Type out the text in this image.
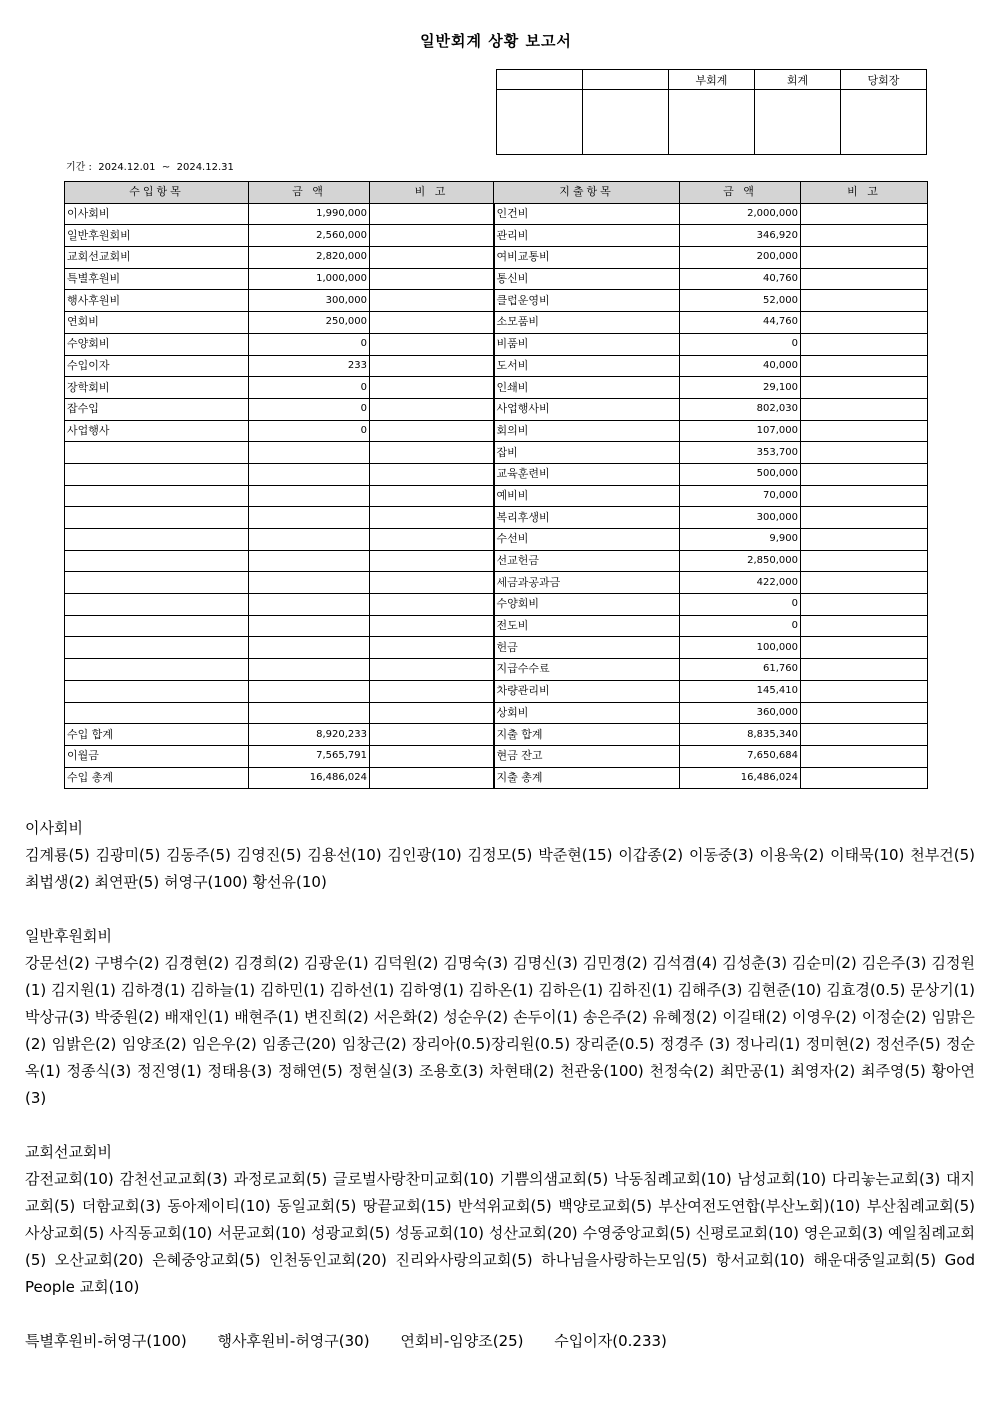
일반회계 상황 보고서
		부회계	회계	당회장

기간 :  2024.12.01 ~ 2024.12.31
수입항목	금 액	비 고	지출항목	금 액	비 고
이사회비	1,990,000		인건비	2,000,000	
일반후원회비	2,560,000		관리비	346,920	
교회선교회비	2,820,000		여비교통비	200,000	
특별후원비	1,000,000		통신비	40,760	
행사후원비	300,000		클럽운영비	52,000	
연회비	250,000		소모품비	44,760	
수양회비	0		비품비	0	
수입이자	233		도서비	40,000	
장학회비	0		인쇄비	29,100	
잡수입	0		사업행사비	802,030	
사업행사	0		회의비	107,000	
			잡비	353,700	
			교육훈련비	500,000	
			예비비	70,000	
			복리후생비	300,000	
			수선비	9,900	
			선교헌금	2,850,000	
			세금과공과금	422,000	
			수양회비	0	
			전도비	0	
			헌금	100,000	
			지급수수료	61,760	
			차량관리비	145,410	
			상회비	360,000	
수입 합계	8,920,233		지출 합계	8,835,340	
이월금	7,565,791		현금 잔고	7,650,684	
수입 총계	16,486,024		지출 총계	16,486,024	
이사회비
김계룡(5) 김광미(5) 김동주(5) 김영진(5) 김용선(10) 김인광(10) 김정모(5) 박준현(15) 이갑종(2) 이동중(3) 이용욱(2) 이태묵(10) 천부건(5) 최법생(2) 최연판(5) 허영구(100) 황선유(10)
일반후원회비
강문선(2) 구병수(2) 김경현(2) 김경희(2) 김광운(1) 김덕원(2) 김명숙(3) 김명신(3) 김민경(2) 김석겸(4) 김성춘(3) 김순미(2) 김은주(3) 김정원(1) 김지원(1) 김하경(1) 김하늘(1) 김하민(1) 김하선(1) 김하영(1) 김하온(1) 김하은(1) 김하진(1) 김해주(3) 김현준(10) 김효경(0.5) 문상기(1) 박상규(3) 박중원(2) 배재인(1) 배현주(1) 변진희(2) 서은화(2) 성순우(2) 손두이(1) 송은주(2) 유혜정(2) 이길태(2) 이영우(2) 이정순(2) 임맑은(2) 임밝은(2) 임양조(2) 임은우(2) 임종근(20) 임창근(2) 장리아(0.5)장리원(0.5) 장리준(0.5) 정경주 (3) 정나리(1) 정미현(2) 정선주(5) 정순옥(1) 정종식(3) 정진영(1) 정태용(3) 정해연(5) 정현실(3) 조용호(3) 차현태(2) 천관웅(100) 천정숙(2) 최만공(1) 최영자(2) 최주영(5) 황아연(3)
교회선교회비
감전교회(10) 감천선교교회(3) 과정로교회(5) 글로벌사랑찬미교회(10) 기쁨의샘교회(5) 낙동침례교회(10) 남성교회(10) 다리놓는교회(3) 대지교회(5) 더함교회(3) 동아제이티(10) 동일교회(5) 땅끝교회(15) 반석위교회(5) 백양로교회(5) 부산여전도연합(부산노회)(10) 부산침례교회(5) 사상교회(5) 사직동교회(10) 서문교회(10) 성광교회(5) 성동교회(10) 성산교회(20) 수영중앙교회(5) 신평로교회(10) 영은교회(3) 예일침례교회(5) 오산교회(20) 은혜중앙교회(5) 인천동인교회(20) 진리와사랑의교회(5) 하나님을사랑하는모임(5) 항서교회(10) 해운대중일교회(5) God People 교회(10)
특별후원비-허영구(100) 행사후원비-허영구(30) 연회비-임양조(25) 수입이자(0.233)
